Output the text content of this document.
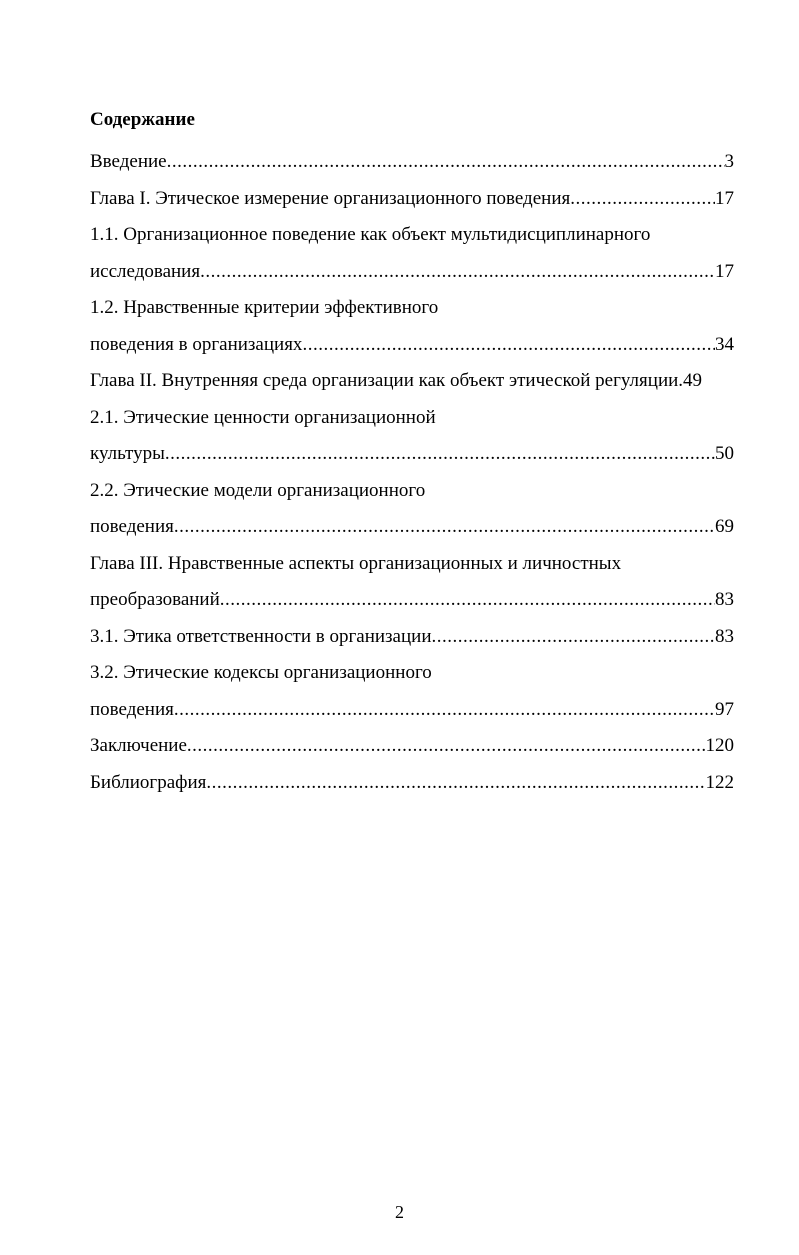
Содержание
Введение .....	3
Глава I. Этическое измерение организационного поведения .....	17
1.1. Организационное поведение как объект мультидисциплинарного
исследования .....	17
1.2. Нравственные критерии эффективного
поведения в организациях .....	34
Глава II. Внутренняя среда организации как объект этической регуляции. 49
2.1. Этические ценности организационной
культуры .....	50
2.2. Этические модели организационного
поведения .....	69
Глава III. Нравственные аспекты организационных и личностных
преобразований .....	83
3.1. Этика ответственности в организации .....	83
3.2. Этические кодексы организационного
поведения .....	97
Заключение .....	120
Библиография .....	122
2
